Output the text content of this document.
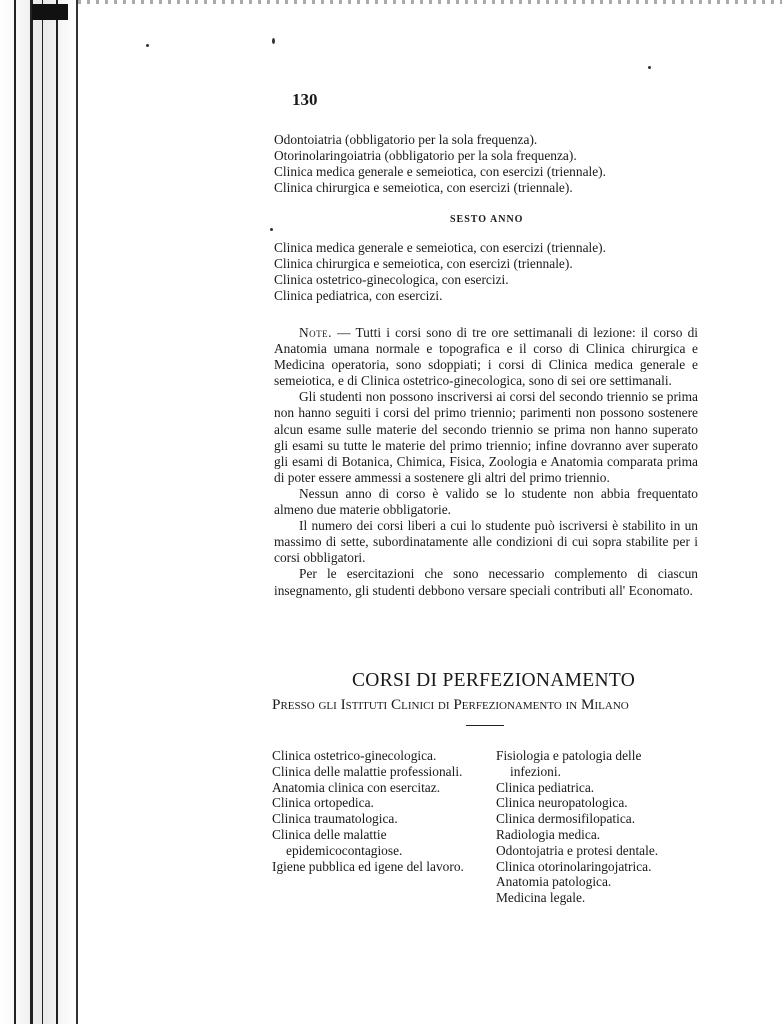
130
Odontoiatria (obbligatorio per la sola frequenza).
Otorinolaringoiatria (obbligatorio per la sola frequenza).
Clinica medica generale e semeiotica, con esercizi (triennale).
Clinica chirurgica e semeiotica, con esercizi (triennale).
SESTO ANNO
Clinica medica generale e semeiotica, con esercizi (triennale).
Clinica chirurgica e semeiotica, con esercizi (triennale).
Clinica ostetrico-ginecologica, con esercizi.
Clinica pediatrica, con esercizi.

Note. — Tutti i corsi sono di tre ore settimanali di lezione: il corso di Anatomia umana normale e topografica e il corso di Clinica chirurgica e Medicina operatoria, sono sdoppiati; i corsi di Clinica medica generale e semeiotica, e di Clinica ostetrico-ginecologica, sono di sei ore settimanali.

Gli studenti non possono inscriversi ai corsi del secondo triennio se prima non hanno seguiti i corsi del primo triennio; parimenti non possono sostenere alcun esame sulle materie del secondo triennio se prima non hanno superato gli esami su tutte le materie del primo triennio; infine dovranno aver superato gli esami di Botanica, Chimica, Fisica, Zoologia e Anatomia comparata prima di poter essere ammessi a sostenere gli altri del primo triennio.

Nessun anno di corso è valido se lo studente non abbia frequentato almeno due materie obbligatorie.

Il numero dei corsi liberi a cui lo studente può iscriversi è stabilito in un massimo di sette, subordinatamente alle condizioni di cui sopra stabilite per i corsi obbligatori.

Per le esercitazioni che sono necessario complemento di ciascun insegnamento, gli studenti debbono versare speciali contributi all' Economato.

CORSI DI PERFEZIONAMENTO
Presso gli Istituti Clinici di Perfezionamento in Milano

Clinica ostetrico-ginecologica.

Clinica delle malattie professionali.

Anatomia clinica con esercitaz.

Clinica ortopedica.

Clinica traumatologica.

Clinica delle malattie epidemicocontagiose.

Igiene pubblica ed igene del lavoro.

Fisiologia e patologia delle infezioni.

Clinica pediatrica.

Clinica neuropatologica.

Clinica dermosifilopatica.

Radiologia medica.

Odontojatria e protesi dentale.

Clinica otorinolaringojatrica.

Anatomia patologica.

Medicina legale.
